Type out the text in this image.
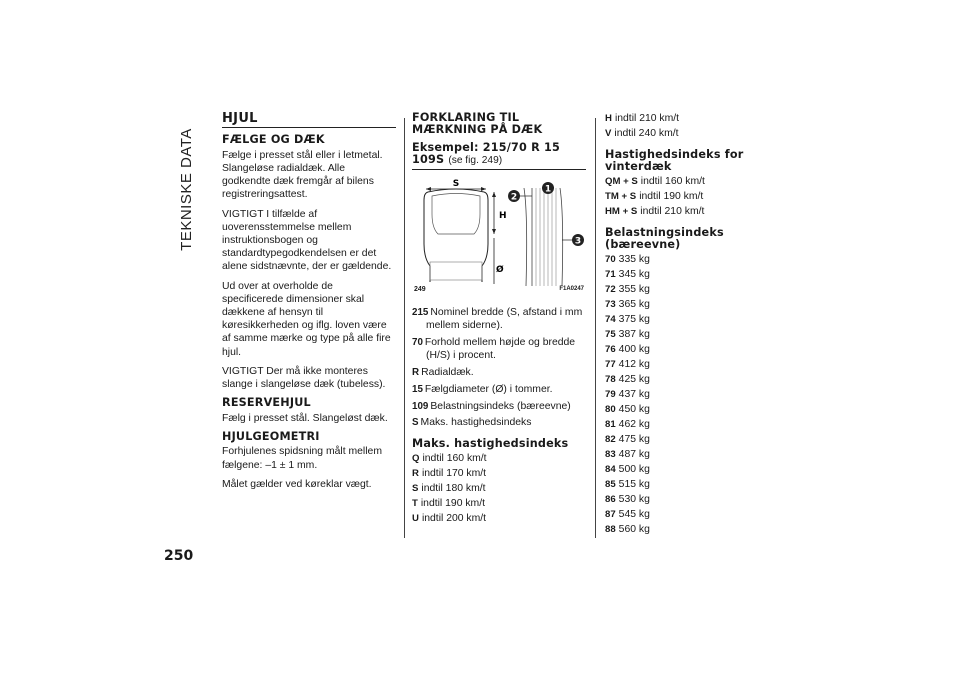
TEKNISKE DATA
HJUL
FÆLGE OG DÆK

Fælge i presset stål eller i letmetal. Slangeløse radialdæk. Alle godkendte dæk fremgår af bilens registreringsattest.

VIGTIGT I tilfælde af uoverensstemmelse mellem instruktionsbogen og standardtypegodkendelsen er det alene sidstnævnte, der er gældende.

Ud over at overholde de specificerede dimensioner skal dækkene af hensyn til køresikkerheden og iflg. loven være af samme mærke og type på alle fire hjul.

VIGTIGT Der må ikke monteres slange i slangeløse dæk (tubeless).

RESERVEHJUL

Fælg i presset stål. Slangeløst dæk.

HJULGEOMETRI

Forhjulenes spidsning målt mellem fælgene: –1 ± 1 mm.

Målet gælder ved køreklar vægt.

FORKLARING TIL MÆRKNING PÅ DÆK
Eksempel: 215/70 R 15 109S (se fig. 249)
S
H
Ø
1
2
3
249	F1A0247
215 Nominel bredde (S, afstand i mm mellem siderne).
70 Forhold mellem højde og bredde (H/S) i procent.
R Radialdæk.
15 Fælgdiameter (Ø) i tommer.
109 Belastningsindeks (bæreevne)
S Maks. hastighedsindeks
Maks. hastighedsindeks
Q indtil 160 km/t
R indtil 170 km/t
S indtil 180 km/t
T indtil 190 km/t
U indtil 200 km/t
H indtil 210 km/t
V indtil 240 km/t
Hastighedsindeks for vinterdæk
QM + S indtil 160 km/t
TM + S indtil 190 km/t
HM + S indtil 210 km/t
Belastningsindeks (bæreevne)
70 335 kg
71 345 kg
72 355 kg
73 365 kg
74 375 kg
75 387 kg
76 400 kg
77 412 kg
78 425 kg
79 437 kg
80 450 kg
81 462 kg
82 475 kg
83 487 kg
84 500 kg
85 515 kg
86 530 kg
87 545 kg
88 560 kg
250
